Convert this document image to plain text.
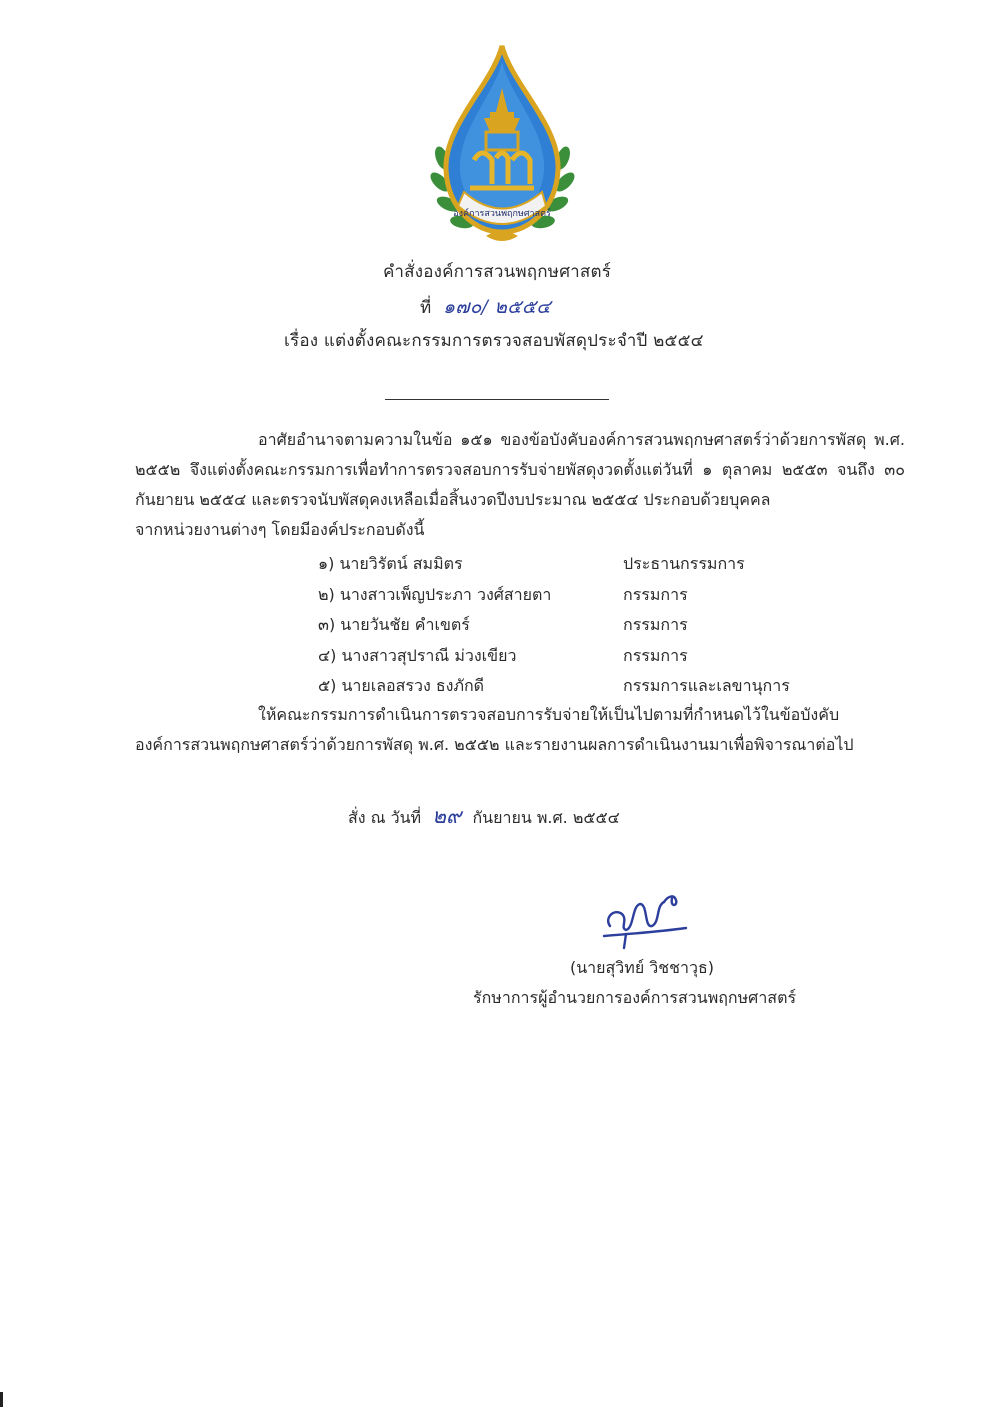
องค์การสวนพฤกษศาสตร์
คำสั่งองค์การสวนพฤกษศาสตร์
ที่ ๑๗๐/ ๒๕๕๔
เรื่อง แต่งตั้งคณะกรรมการตรวจสอบพัสดุประจำปี ๒๕๕๔

อาศัยอำนาจตามความในข้อ ๑๕๑ ของข้อบังคับองค์การสวนพฤกษศาสตร์ว่าด้วยการพัสดุ พ.ศ. ๒๕๕๒ จึงแต่งตั้งคณะกรรมการเพื่อทำการตรวจสอบการรับจ่ายพัสดุงวดตั้งแต่วันที่ ๑ ตุลาคม ๒๕๕๓ จนถึง ๓๐ กันยายน ๒๕๕๔ และตรวจนับพัสดุคงเหลือเมื่อสิ้นงวดปีงบประมาณ ๒๕๕๔ ประกอบด้วยบุคคล

จากหน่วยงานต่างๆ โดยมีองค์ประกอบดังนี้

๑) นายวิรัตน์ สมมิตร	ประธานกรรมการ
๒) นางสาวเพ็ญประภา วงศ์สายตา	กรรมการ
๓) นายวันชัย คำเขตร์	กรรมการ
๔) นางสาวสุปราณี ม่วงเขียว	กรรมการ
๕) นายเลอสรวง ธงภักดี	กรรมการและเลขานุการ

ให้คณะกรรมการดำเนินการตรวจสอบการรับจ่ายให้เป็นไปตามที่กำหนดไว้ในข้อบังคับ

องค์การสวนพฤกษศาสตร์ว่าด้วยการพัสดุ พ.ศ. ๒๕๕๒ และรายงานผลการดำเนินงานมาเพื่อพิจารณาต่อไป

สั่ง ณ วันที่ ๒๙ กันยายน พ.ศ. ๒๕๕๔
(นายสุวิทย์ วิชชาวุธ)
รักษาการผู้อำนวยการองค์การสวนพฤกษศาสตร์
